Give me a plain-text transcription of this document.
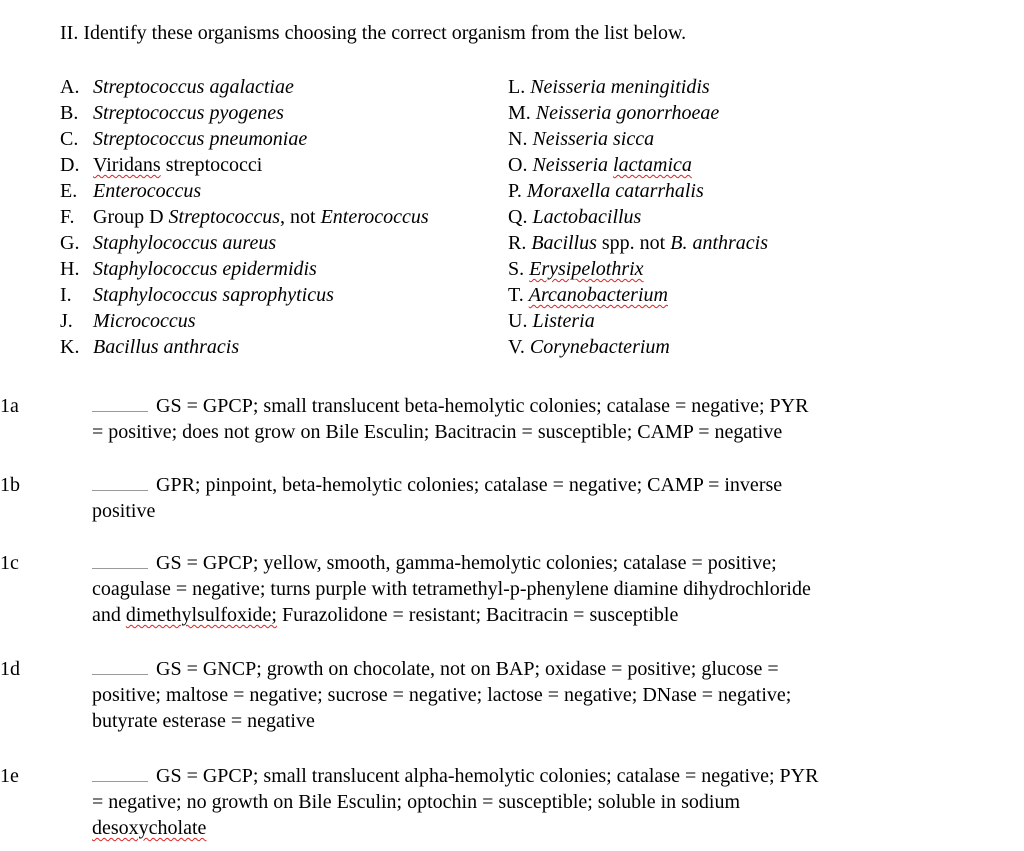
II. Identify these organisms choosing the correct organism from the list below.
A. Streptococcus agalactiae
B. Streptococcus pyogenes
C. Streptococcus pneumoniae
D. Viridans streptococci
E. Enterococcus
F. Group D Streptococcus, not Enterococcus
G. Staphylococcus aureus
H. Staphylococcus epidermidis
I. Staphylococcus saprophyticus
J. Micrococcus
K. Bacillus anthracis
L. Neisseria meningitidis
M. Neisseria gonorrhoeae
N. Neisseria sicca
O. Neisseria lactamica
P. Moraxella catarrhalis
Q. Lactobacillus
R. Bacillus spp. not B. anthracis
S. Erysipelothrix
T. Arcanobacterium
U. Listeria
V. Corynebacterium
1a	GS = GPCP; small translucent beta-hemolytic colonies; catalase = negative; PYR
= positive; does not grow on Bile Esculin; Bacitracin = susceptible; CAMP = negative
1b	GPR; pinpoint, beta-hemolytic colonies; catalase = negative; CAMP = inverse
positive
1c	GS = GPCP; yellow, smooth, gamma-hemolytic colonies; catalase = positive;
coagulase = negative; turns purple with tetramethyl-p-phenylene diamine dihydrochloride
and dimethylsulfoxide; Furazolidone = resistant; Bacitracin = susceptible
1d	GS = GNCP; growth on chocolate, not on BAP; oxidase = positive; glucose =
positive; maltose = negative; sucrose = negative; lactose = negative; DNase = negative;
butyrate esterase = negative
1e	GS = GPCP; small translucent alpha-hemolytic colonies; catalase = negative; PYR
= negative; no growth on Bile Esculin; optochin = susceptible; soluble in sodium
desoxycholate
